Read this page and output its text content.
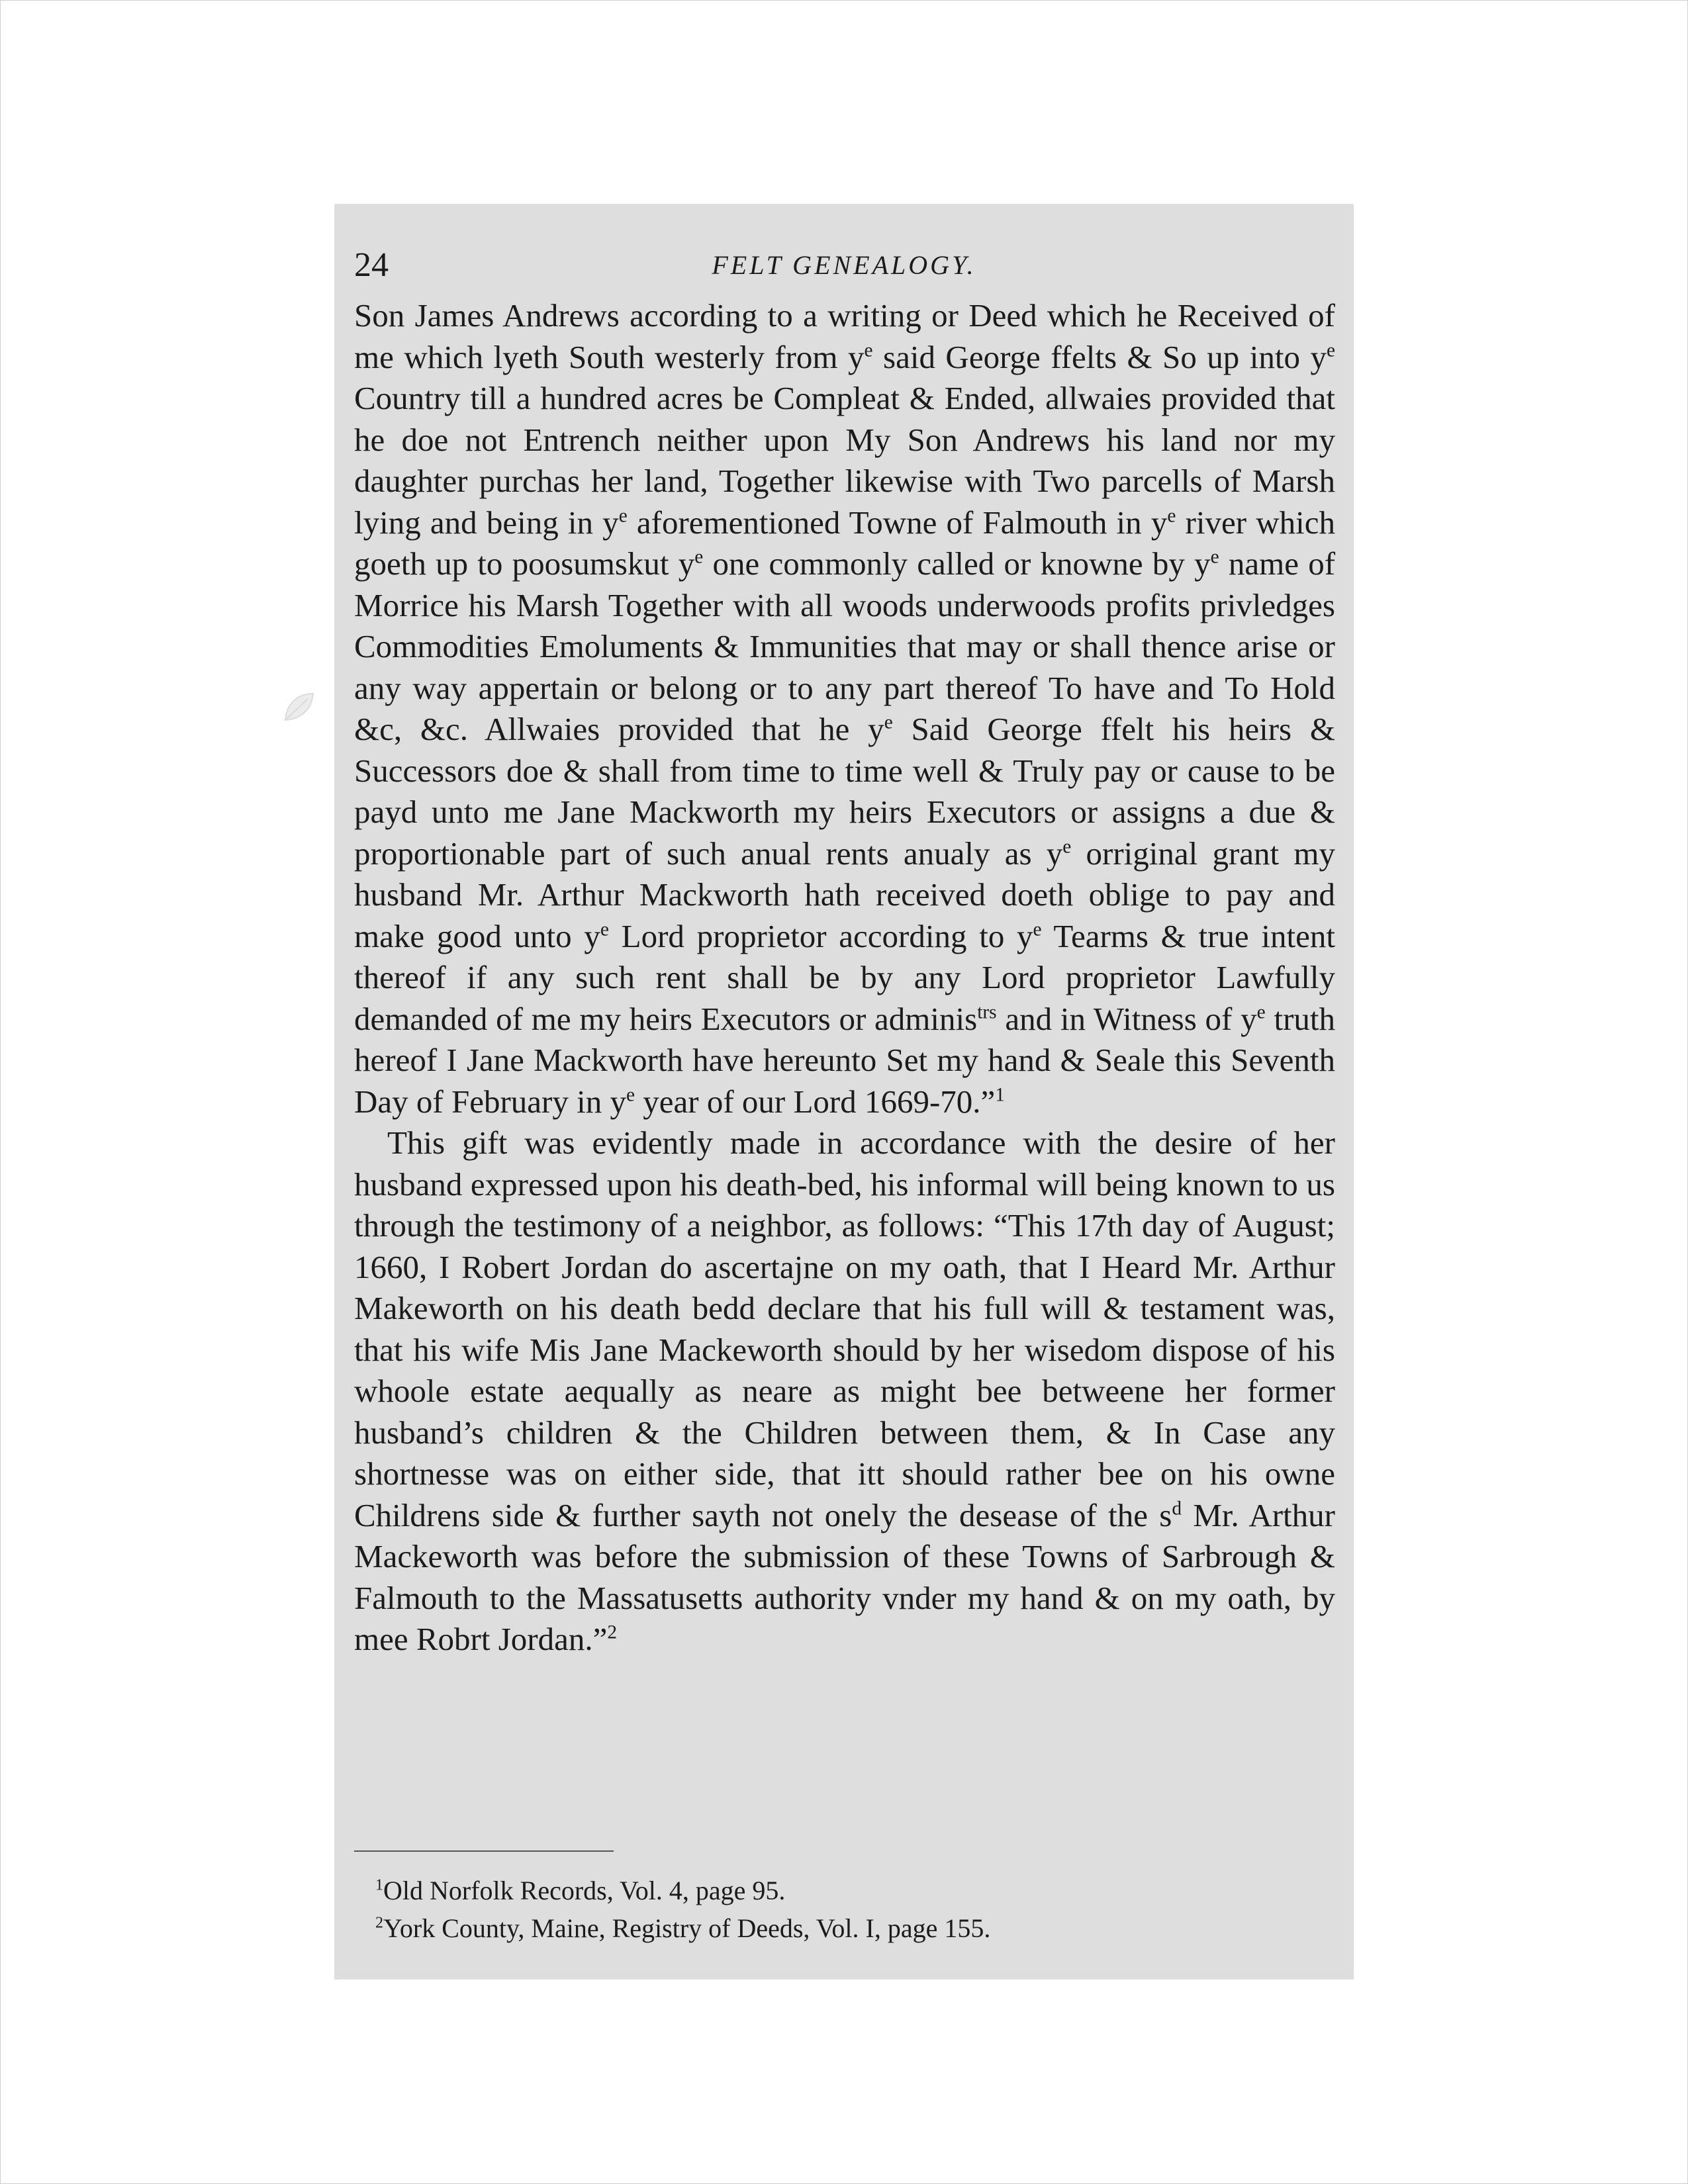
24	FELT GENEALOGY.

Son James Andrews according to a writing or Deed which he Received of me which lyeth South westerly from $y^e$ said George ffelts & So up into $y^e$ Country till a hundred acres be Compleat & Ended, allwaies provided that he doe not Entrench neither upon My Son Andrews his land nor my daughter purchas her land, Together likewise with Two parcells of Marsh lying and being in $y^e$ aforementioned Towne of Falmouth in $y^e$ river which goeth up to poosumskut $y^e$ one commonly called or knowne by $y^e$ name of Morrice his Marsh Together with all woods underwoods profits privledges Commodities Emoluments & Immunities that may or shall thence arise or any way appertain or belong or to any part thereof To have and To Hold &c, &c. Allwaies provided that he $y^e$ Said George ffelt his heirs & Successors doe & shall from time to time well & Truly pay or cause to be payd unto me Jane Mackworth my heirs Executors or assigns a due & proportionable part of such anual rents anualy as $y^e$ orriginal grant my husband Mr. Arthur Mackworth hath received doeth oblige to pay and make good unto $y^e$ Lord proprietor according to $y^e$ Tearms & true intent thereof if any such rent shall be by any Lord proprietor Lawfully demanded of me my heirs Executors or adminis$^{trs}$ and in Witness of $y^e$ truth hereof I Jane Mackworth have hereunto Set my hand & Seale this Seventh Day of February in $y^e$ year of our Lord 1669-70.”$^1$

This gift was evidently made in accordance with the desire of her husband expressed upon his death-bed, his informal will being known to us through the testimony of a neighbor, as follows: “This 17th day of August; 1660, I Robert Jordan do ascertajne on my oath, that I Heard Mr. Arthur Makeworth on his death bedd declare that his full will & testament was, that his wife Mis Jane Mackeworth should by her wisedom dispose of his whoole estate aequally as neare as might bee betweene her former husband’s children & the Children between them, & In Case any shortnesse was on either side, that itt should rather bee on his owne Childrens side & further sayth not onely the desease of the $s^d$ Mr. Arthur Mackeworth was before the submission of these Towns of Sarbrough & Falmouth to the Massatusetts authority vnder my hand & on my oath, by mee Robrt Jordan.”$^2$

$^1$Old Norfolk Records, Vol. 4, page 95.

$^2$York County, Maine, Registry of Deeds, Vol. I, page 155.
